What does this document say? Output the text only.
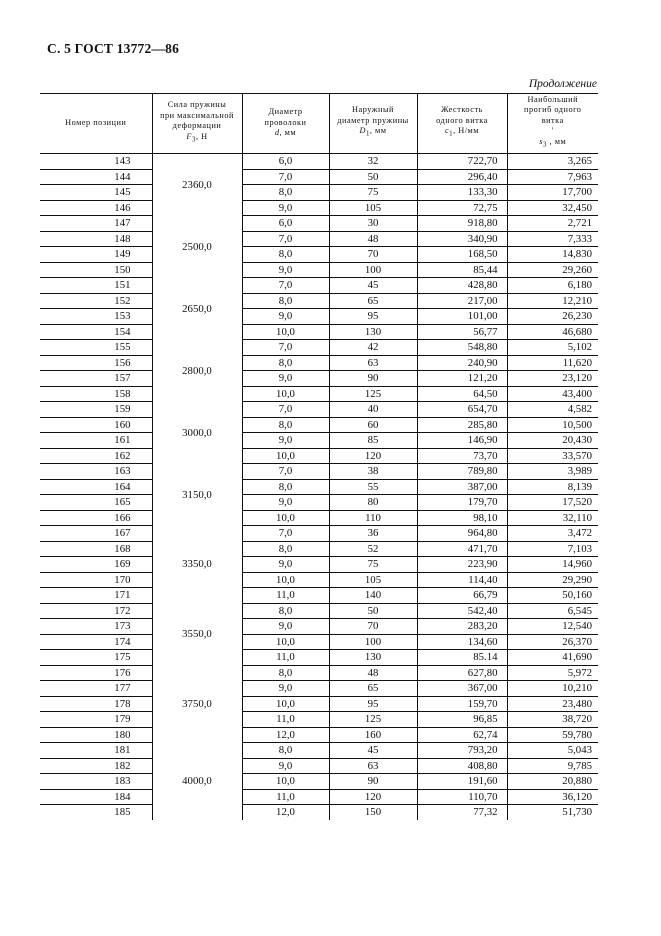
С. 5 ГОСТ 13772—86
Продолжение
Номер позиции	Сила пружины
при максимальной
деформации
$F_3$, Н	Диаметр
проволоки
d, мм	Наружный
диаметр пружины
$D_1$, мм	Жесткость
одного витка
$c_1$, Н/мм	Наибольший
прогиб одного
витка
'
$s_3$ , мм
143	2360,0	6,0	32	722,70	3,265
144		7,0	50	296,40	7,963
145		8,0	75	133,30	17,700
146		9,0	105	72,75	32,450
147	2500,0	6,0	30	918,80	2,721
148		7,0	48	340,90	7,333
149		8,0	70	168,50	14,830
150		9,0	100	85,44	29,260
151	2650,0	7,0	45	428,80	6,180
152		8,0	65	217,00	12,210
153		9,0	95	101,00	26,230
154		10,0	130	56,77	46,680
155	2800,0	7,0	42	548,80	5,102
156		8,0	63	240,90	11,620
157		9,0	90	121,20	23,120
158		10,0	125	64,50	43,400
159	3000,0	7,0	40	654,70	4,582
160		8,0	60	285,80	10,500
161		9,0	85	146,90	20,430
162		10,0	120	73,70	33,570
163	3150,0	7,0	38	789,80	3,989
164		8,0	55	387,00	8,139
165		9,0	80	179,70	17,520
166		10,0	110	98,10	32,110
167	3350,0	7,0	36	964,80	3,472
168		8,0	52	471,70	7,103
169		9,0	75	223,90	14,960
170		10,0	105	114,40	29,290
171		11,0	140	66,79	50,160
172	3550,0	8,0	50	542,40	6,545
173		9,0	70	283,20	12,540
174		10,0	100	134,60	26,370
175		11,0	130	85.14	41,690
176	3750,0	8,0	48	627,80	5,972
177		9,0	65	367,00	10,210
178		10,0	95	159,70	23,480
179		11,0	125	96,85	38,720
180		12,0	160	62,74	59,780
181	4000,0	8,0	45	793,20	5,043
182		9,0	63	408,80	9,785
183		10,0	90	191,60	20,880
184		11,0	120	110,70	36,120
185		12,0	150	77,32	51,730
